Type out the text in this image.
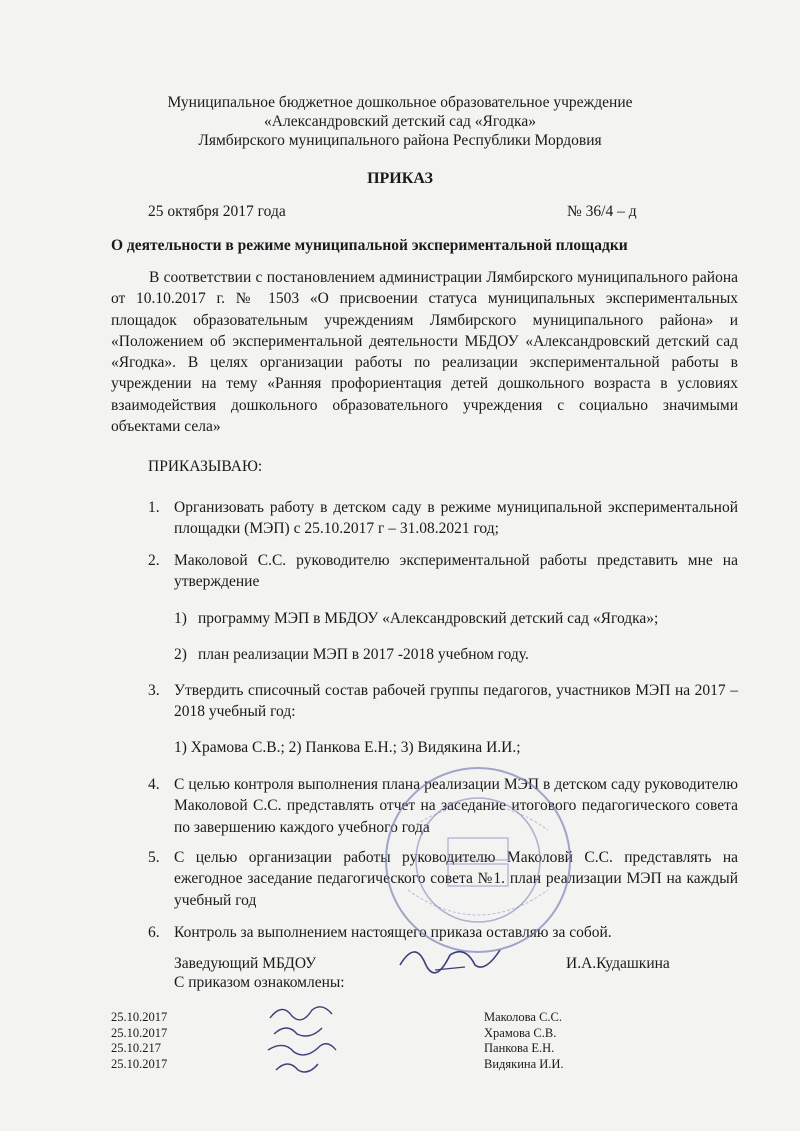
Муниципальное бюджетное дошкольное образовательное учреждение
«Александровский детский сад «Ягодка»
Лямбирского муниципального района Республики Мордовия
ПРИКАЗ
25 октября 2017 года	№ 36/4 – д
О деятельности в режиме муниципальной экспериментальной площадки
В соответствии с постановлением администрации Лямбирского муниципального района от 10.10.2017 г. № 1503 «О присвоении статуса муниципальных экспериментальных площадок образовательным учреждениям Лямбирского муниципального района» и «Положением об экспериментальной деятельности МБДОУ «Александровский детский сад «Ягодка». В целях организации работы по реализации экспериментальной работы в учреждении на тему «Ранняя профориентация детей дошкольного возраста в условиях взаимодействия дошкольного образовательного учреждения с социально значимыми объектами села»
ПРИКАЗЫВАЮ:
1. Организовать работу в детском саду в режиме муниципальной экспериментальной площадки (МЭП) с 25.10.2017 г – 31.08.2021 год;
2. Маколовой С.С. руководителю экспериментальной работы представить мне на утверждение
1) программу МЭП в МБДОУ «Александровский детский сад «Ягодка»;
2) план реализации МЭП в 2017 -2018 учебном году.
3. Утвердить списочный состав рабочей группы педагогов, участников МЭП на 2017 – 2018 учебный год:
1) Храмова С.В.; 2) Панкова Е.Н.; 3) Видякина И.И.;
4. С целью контроля выполнения плана реализации МЭП в детском саду руководителю Маколовой С.С. представлять отчет на заседание итогового педагогического совета по завершению каждого учебного года
5. С целью организации работы руководителю Маколовй С.С. представлять на ежегодное заседание педагогического совета №1. план реализации МЭП на каждый учебный год
6. Контроль за выполнением настоящего приказа оставляю за собой.
Заведующий МБДОУ	И.А.Кудашкина
С приказом ознакомлены:
25.10.2017
25.10.2017
25.10.217
25.10.2017
Маколова С.С.
Храмова С.В.
Панкова Е.Н.
Видякина И.И.
